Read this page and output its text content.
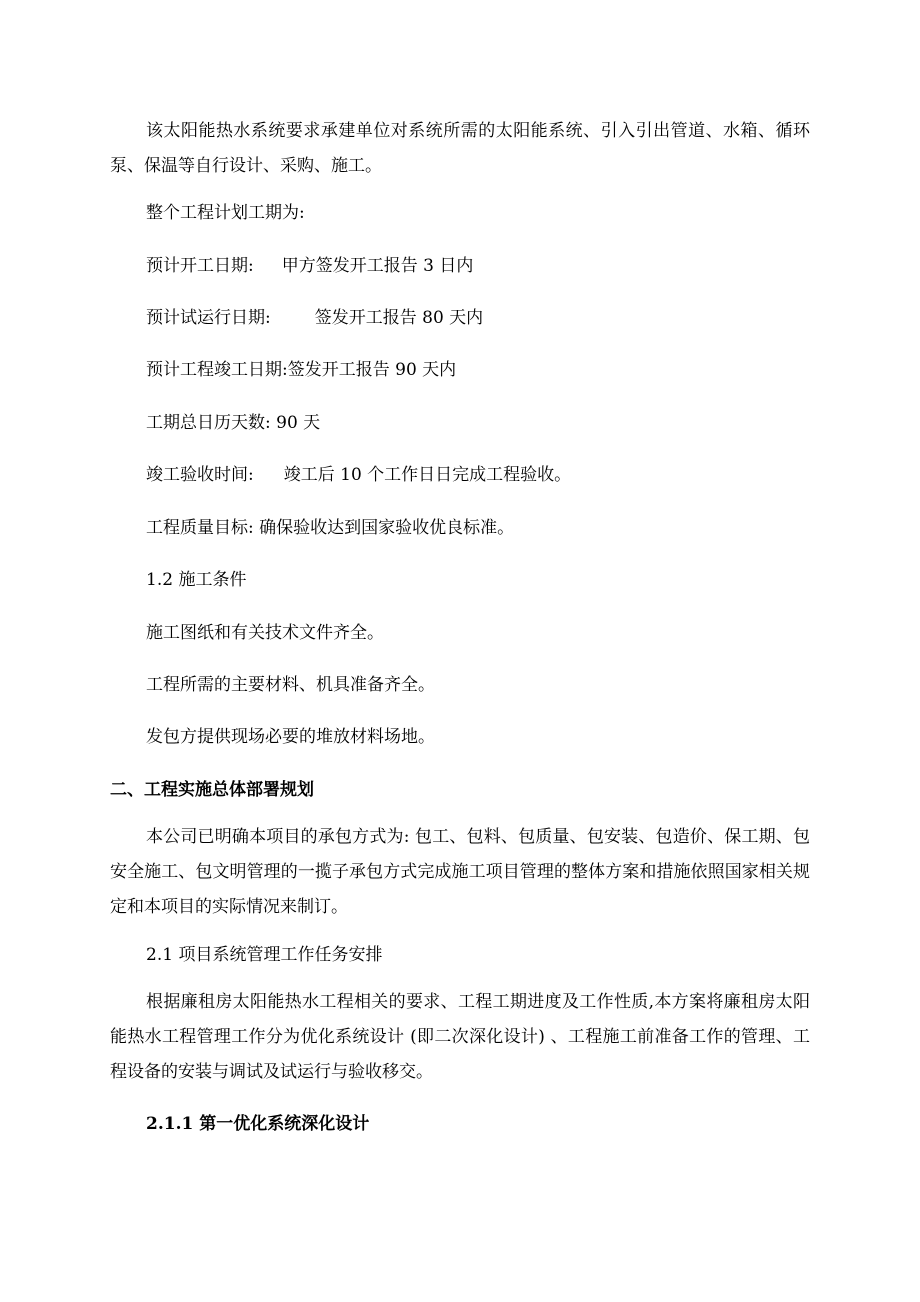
该太阳能热水系统要求承建单位对系统所需的太阳能系统、引入引出管道、水箱、循环泵、保温等自行设计、采购、施工。

整个工程计划工期为:

预计开工日期: 甲方签发开工报告 3 日内

预计试运行日期:	签发开工报告 80 天内

预计工程竣工日期:签发开工报告 90 天内

工期总日历天数: 90 天

竣工验收时间: 竣工后 10 个工作日日完成工程验收。

工程质量目标: 确保验收达到国家验收优良标准。

1.2 施工条件

施工图纸和有关技术文件齐全。

工程所需的主要材料、机具准备齐全。

发包方提供现场必要的堆放材料场地。

二、工程实施总体部署规划

本公司已明确本项目的承包方式为: 包工、包料、包质量、包安装、包造价、保工期、包安全施工、包文明管理的一揽子承包方式完成施工项目管理的整体方案和措施依照国家相关规定和本项目的实际情况来制订。

2.1 项目系统管理工作任务安排

根据廉租房太阳能热水工程相关的要求、工程工期进度及工作性质,本方案将廉租房太阳能热水工程管理工作分为优化系统设计 (即二次深化设计) 、工程施工前准备工作的管理、工程设备的安装与调试及试运行与验收移交。

2.1.1 第一优化系统深化设计
